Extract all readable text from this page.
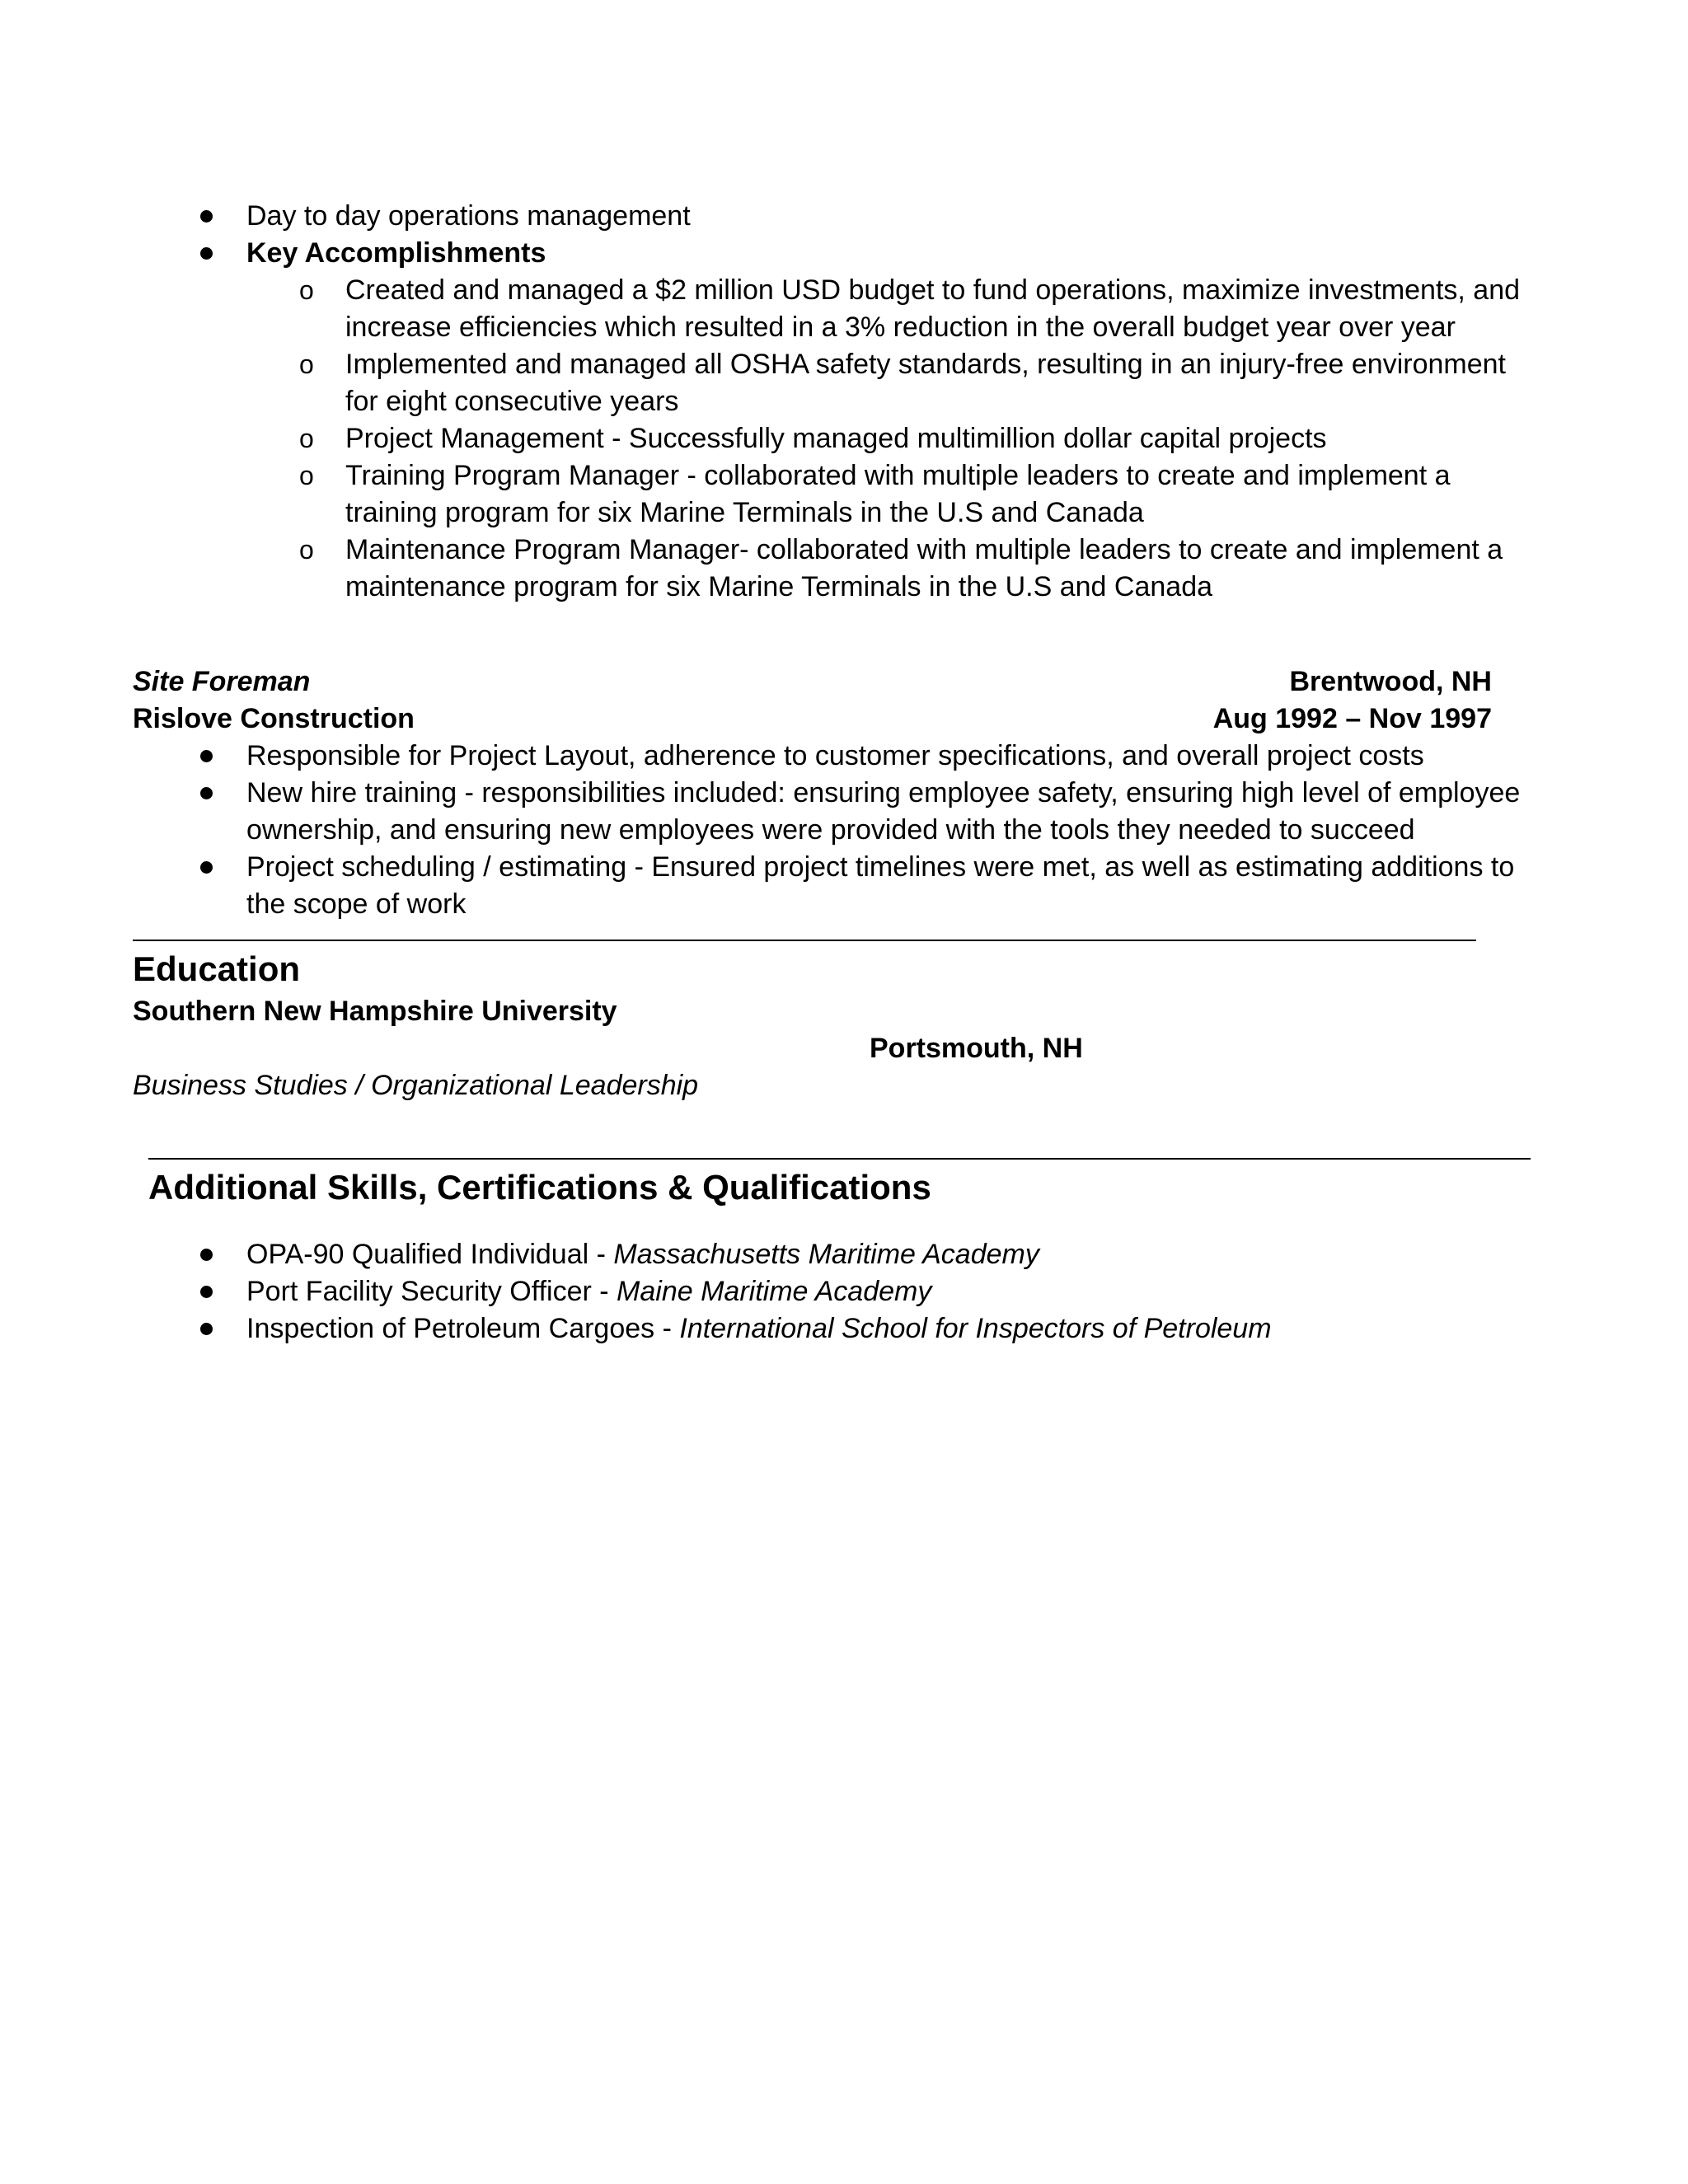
Day to day operations management
Key Accomplishments
o Created and managed a $2 million USD budget to fund operations, maximize investments, and
increase efficiencies which resulted in a 3% reduction in the overall budget year over year
o Implemented and managed all OSHA safety standards, resulting in an injury-free environment
for eight consecutive years
o Project Management - Successfully managed multimillion dollar capital projects
o Training Program Manager - collaborated with multiple leaders to create and implement a
training program for six Marine Terminals in the U.S and Canada
o Maintenance Program Manager- collaborated with multiple leaders to create and implement a
maintenance program for six Marine Terminals in the U.S and Canada
Site Foreman	Brentwood, NH
Rislove Construction	Aug 1992 – Nov 1997
Responsible for Project Layout, adherence to customer specifications, and overall project costs
New hire training - responsibilities included: ensuring employee safety, ensuring high level of employee
ownership, and ensuring new employees were provided with the tools they needed to succeed
Project scheduling / estimating - Ensured project timelines were met, as well as estimating additions to
the scope of work
Education
Southern New Hampshire University
Portsmouth, NH
Business Studies / Organizational Leadership
Additional Skills, Certifications & Qualifications
OPA-90 Qualified Individual - Massachusetts Maritime Academy
Port Facility Security Officer - Maine Maritime Academy
Inspection of Petroleum Cargoes - International School for Inspectors of Petroleum
